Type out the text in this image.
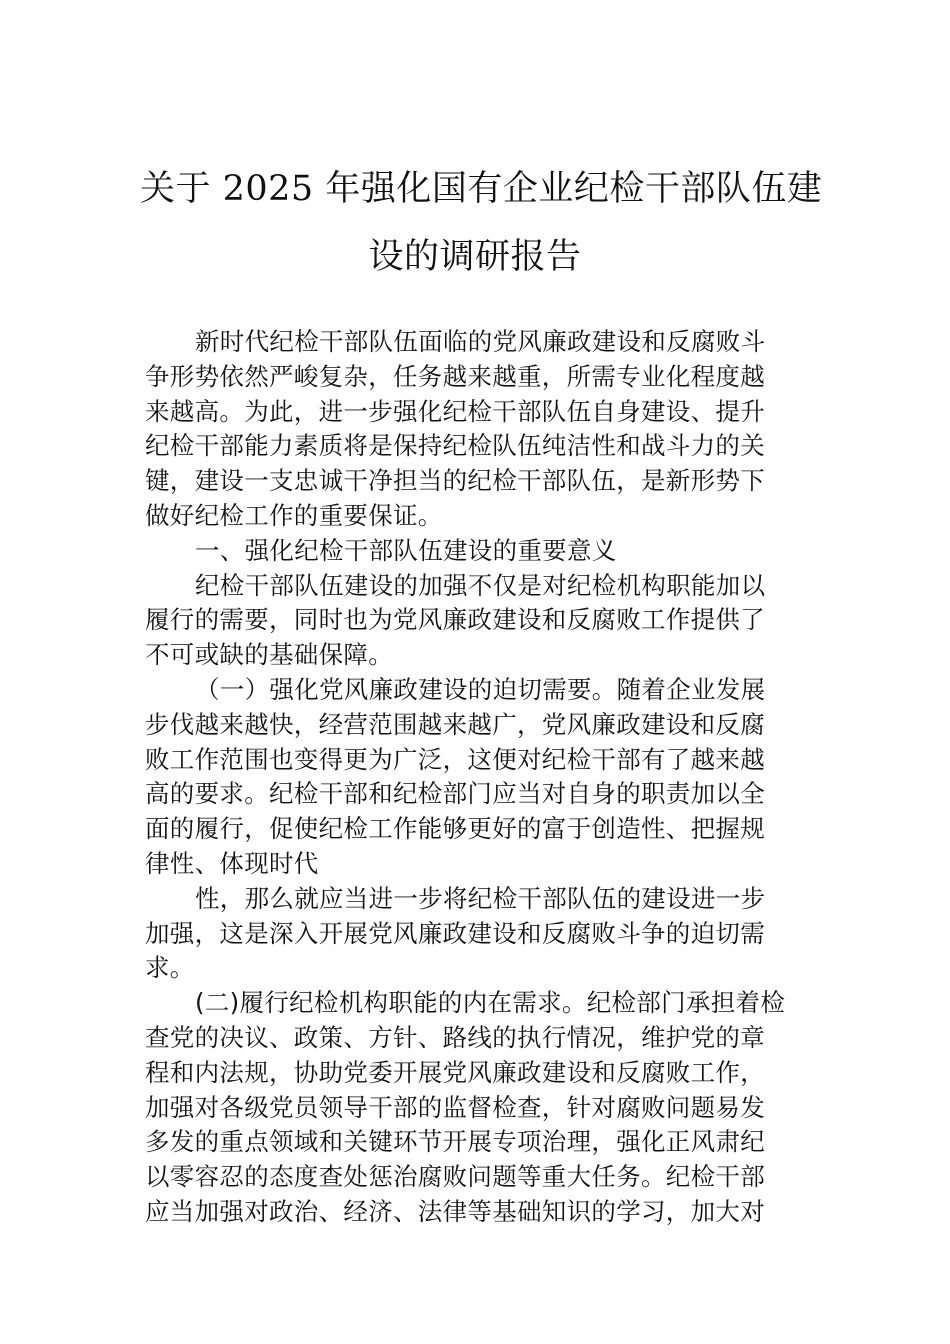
关于 2025 年强化国有企业纪检干部队伍建
设的调研报告
新时代纪检干部队伍面临的党风廉政建设和反腐败斗
争形势依然严峻复杂，任务越来越重，所需专业化程度越
来越高。为此，进一步强化纪检干部队伍自身建设、提升
纪检干部能力素质将是保持纪检队伍纯洁性和战斗力的关
键，建设一支忠诚干净担当的纪检干部队伍，是新形势下
做好纪检工作的重要保证。
一、强化纪检干部队伍建设的重要意义
纪检干部队伍建设的加强不仅是对纪检机构职能加以
履行的需要，同时也为党风廉政建设和反腐败工作提供了
不可或缺的基础保障。
（一）强化党风廉政建设的迫切需要。随着企业发展
步伐越来越快，经营范围越来越广，党风廉政建设和反腐
败工作范围也变得更为广泛，这便对纪检干部有了越来越
高的要求。纪检干部和纪检部门应当对自身的职责加以全
面的履行，促使纪检工作能够更好的富于创造性、把握规
律性、体现时代
性，那么就应当进一步将纪检干部队伍的建设进一步
加强，这是深入开展党风廉政建设和反腐败斗争的迫切需
求。
(二)履行纪检机构职能的内在需求。纪检部门承担着检
查党的决议、政策、方针、路线的执行情况，维护党的章
程和内法规，协助党委开展党风廉政建设和反腐败工作，
加强对各级党员领导干部的监督检查，针对腐败问题易发
多发的重点领域和关键环节开展专项治理，强化正风肃纪
以零容忍的态度查处惩治腐败问题等重大任务。纪检干部
应当加强对政治、经济、法律等基础知识的学习，加大对
